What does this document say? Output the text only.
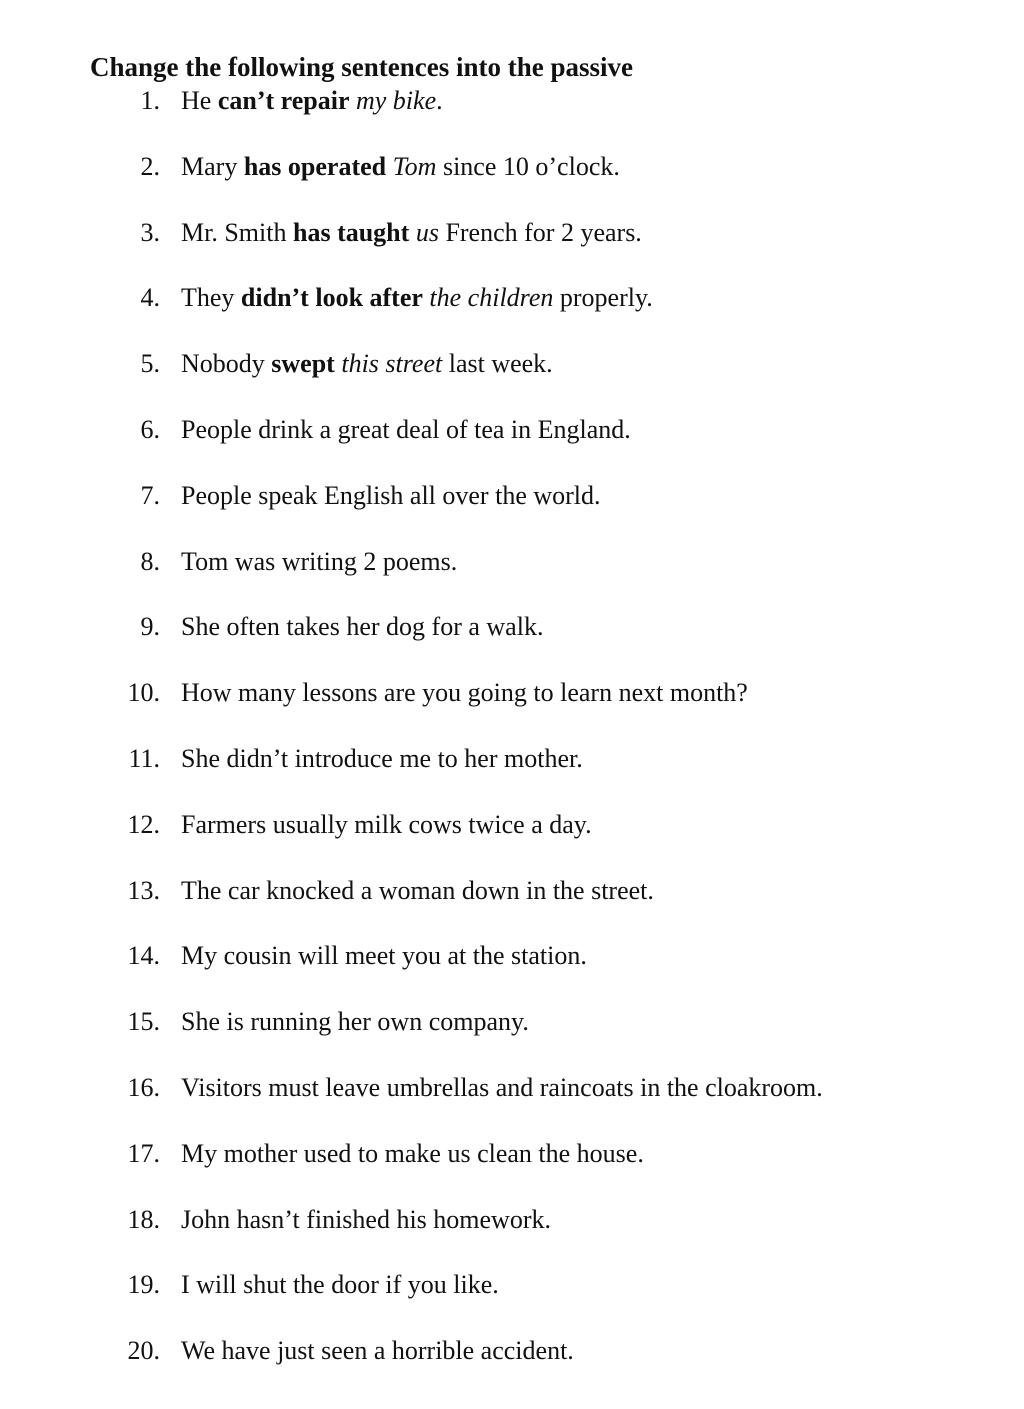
Change the following sentences into the passive
1. He can’t repair my bike.
2. Mary has operated Tom since 10 o’clock.
3. Mr. Smith has taught us French for 2 years.
4. They didn’t look after the children properly.
5. Nobody swept this street last week.
6. People drink a great deal of tea in England.
7. People speak English all over the world.
8. Tom was writing 2 poems.
9. She often takes her dog for a walk.
10. How many lessons are you going to learn next month?
11. She didn’t introduce me to her mother.
12. Farmers usually milk cows twice a day.
13. The car knocked a woman down in the street.
14. My cousin will meet you at the station.
15. She is running her own company.
16. Visitors must leave umbrellas and raincoats in the cloakroom.
17. My mother used to make us clean the house.
18. John hasn’t finished his homework.
19. I will shut the door if you like.
20. We have just seen a horrible accident.
